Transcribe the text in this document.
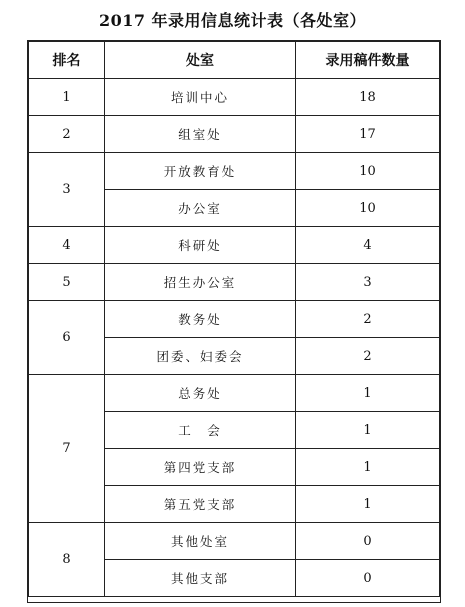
2017 年录用信息统计表（各处室）
排名	处室	录用稿件数量
1	培训中心	18
2	组室处	17
3	开放教育处	10
	办公室	10
4	科研处	4
5	招生办公室	3
6	教务处	2
	团委、妇委会	2
7	总务处	1
	工　会	1
	第四党支部	1
	第五党支部	1
8	其他处室	0
	其他支部	0
